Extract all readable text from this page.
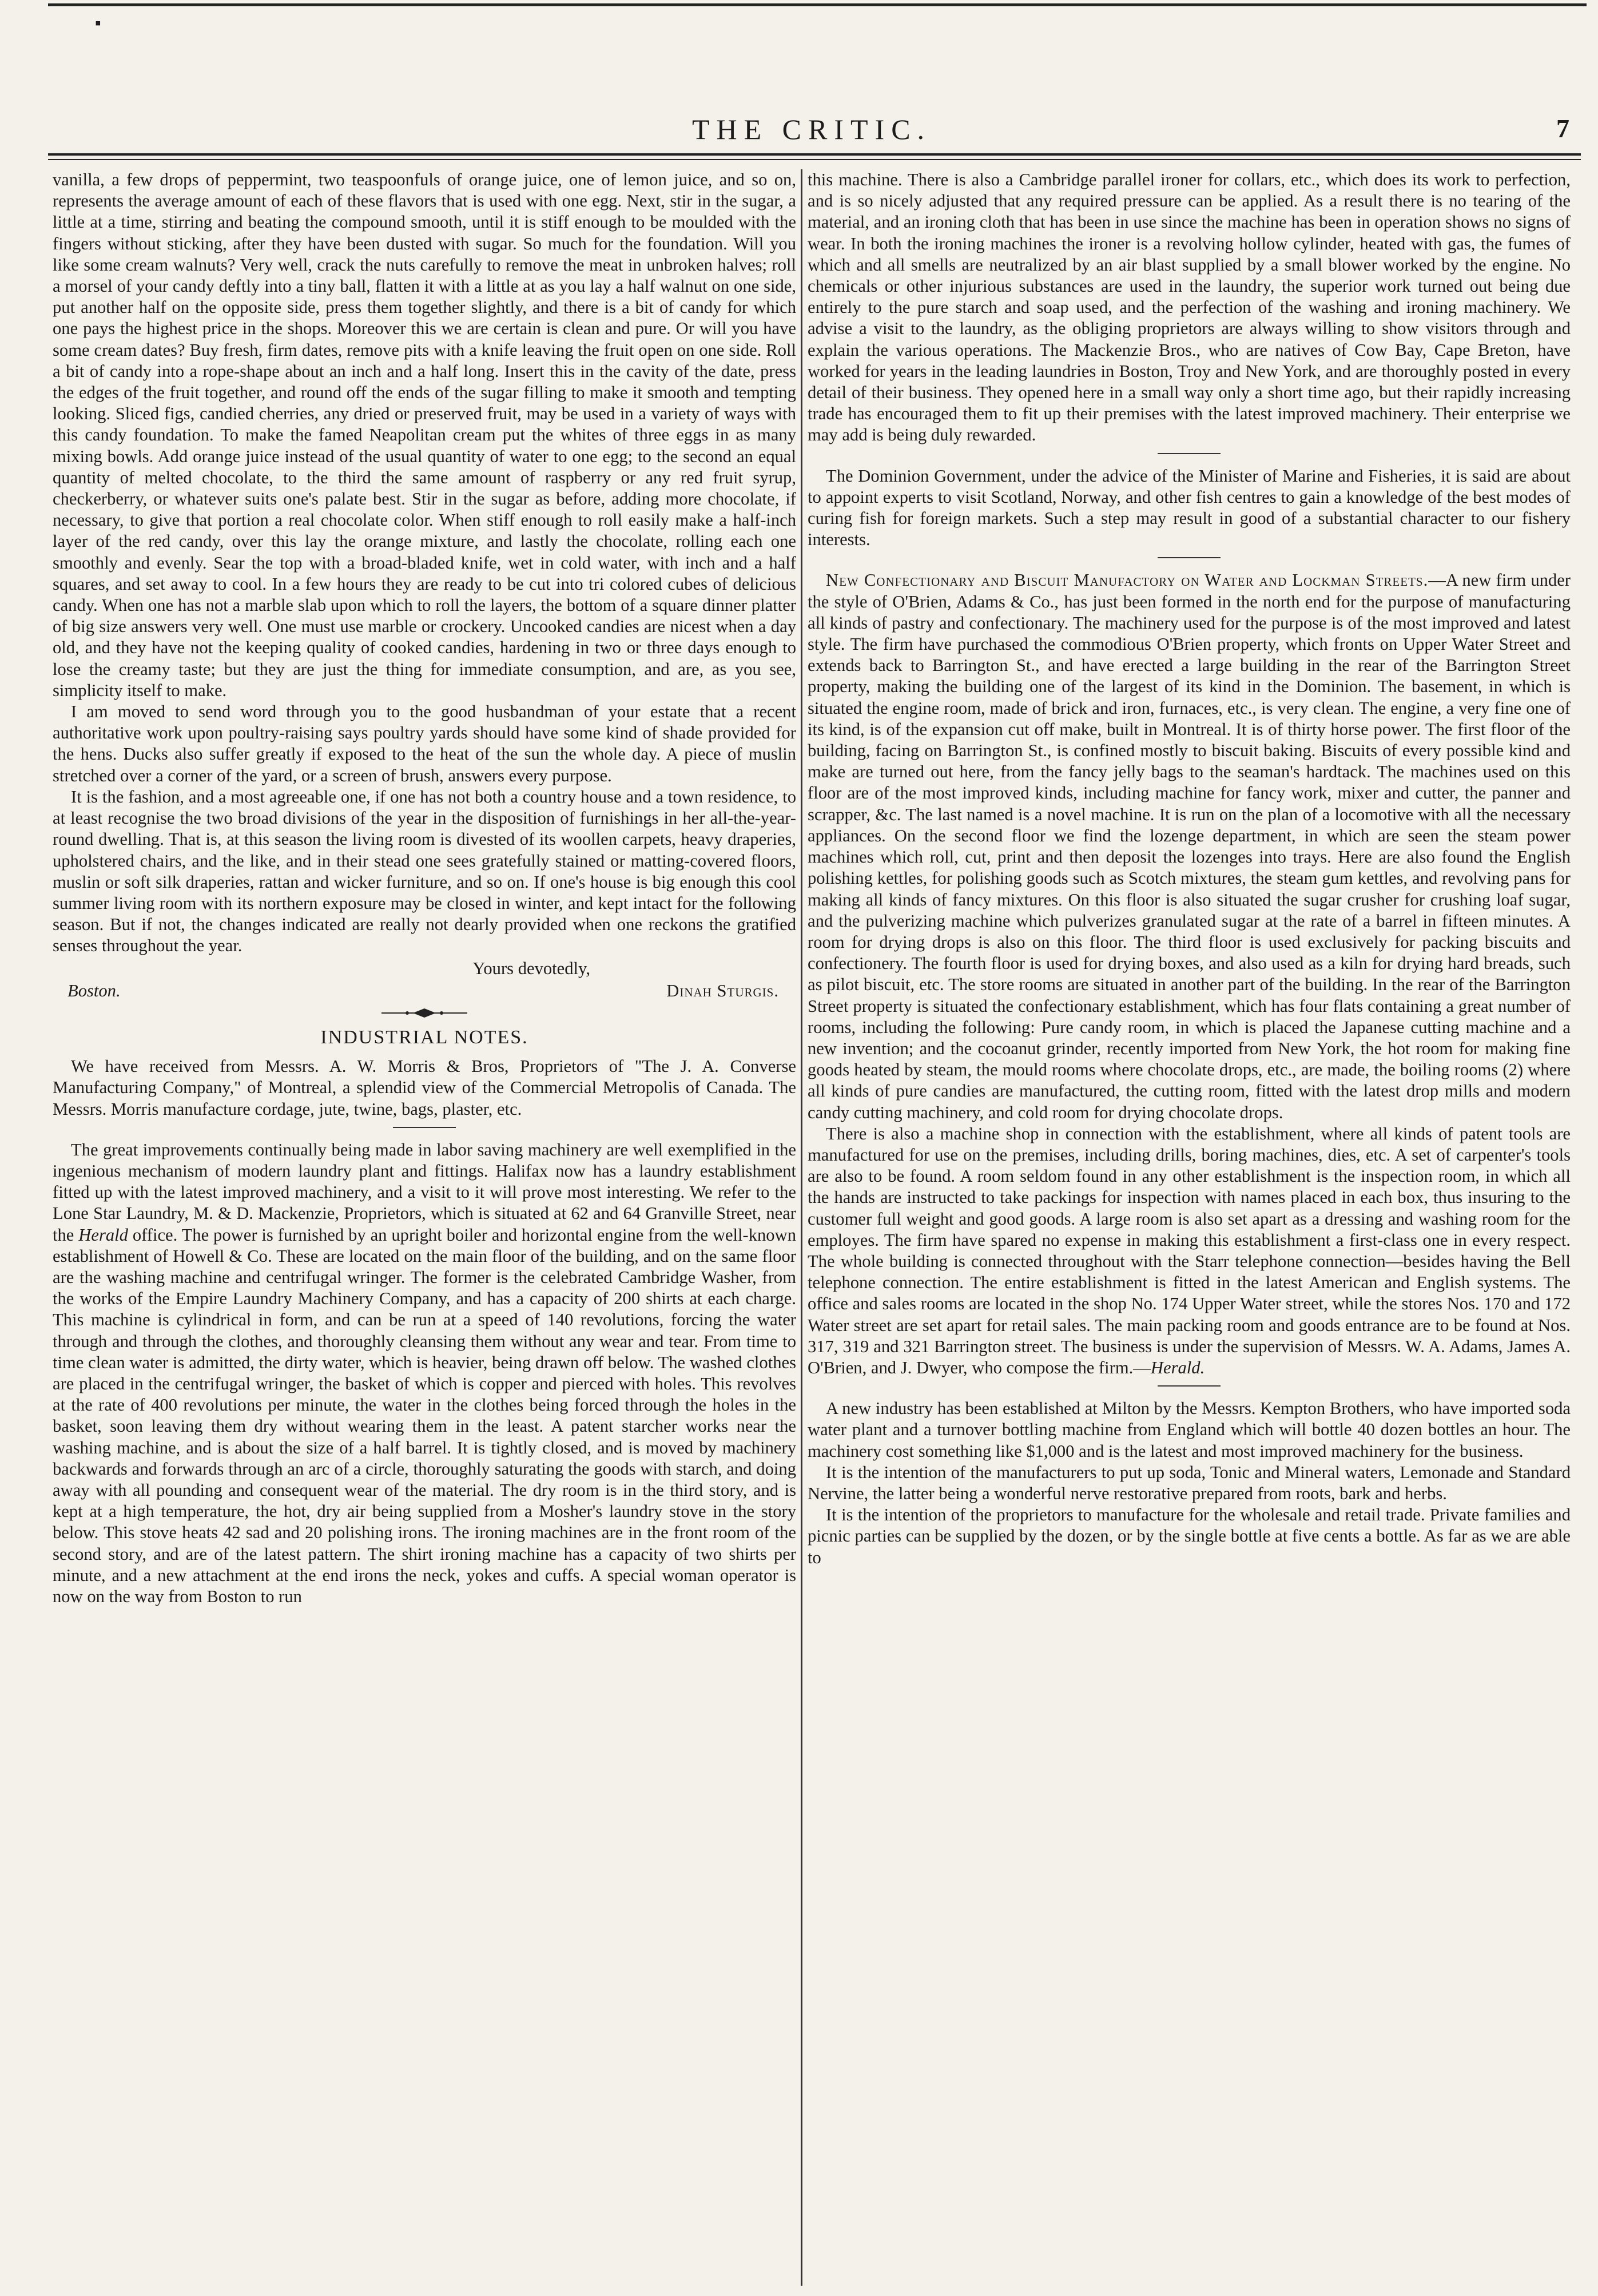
▪
THE CRITIC.	7

vanilla, a few drops of peppermint, two teaspoonfuls of orange juice, one of lemon juice, and so on, represents the average amount of each of these flavors that is used with one egg. Next, stir in the sugar, a little at a time, stirring and beating the compound smooth, until it is stiff enough to be moulded with the fingers without sticking, after they have been dusted with sugar. So much for the foundation. Will you like some cream walnuts? Very well, crack the nuts carefully to remove the meat in unbroken halves; roll a morsel of your candy deftly into a tiny ball, flatten it with a little at as you lay a half walnut on one side, put another half on the opposite side, press them together slightly, and there is a bit of candy for which one pays the highest price in the shops. Moreover this we are certain is clean and pure. Or will you have some cream dates? Buy fresh, firm dates, remove pits with a knife leaving the fruit open on one side. Roll a bit of candy into a rope-shape about an inch and a half long. Insert this in the cavity of the date, press the edges of the fruit together, and round off the ends of the sugar filling to make it smooth and tempting looking. Sliced figs, candied cherries, any dried or preserved fruit, may be used in a variety of ways with this candy foundation. To make the famed Neapolitan cream put the whites of three eggs in as many mixing bowls. Add orange juice instead of the usual quantity of water to one egg; to the second an equal quantity of melted chocolate, to the third the same amount of raspberry or any red fruit syrup, checkerberry, or whatever suits one's palate best. Stir in the sugar as before, adding more chocolate, if necessary, to give that portion a real chocolate color. When stiff enough to roll easily make a half-inch layer of the red candy, over this lay the orange mixture, and lastly the chocolate, rolling each one smoothly and evenly. Sear the top with a broad-bladed knife, wet in cold water, with inch and a half squares, and set away to cool. In a few hours they are ready to be cut into tri colored cubes of delicious candy. When one has not a marble slab upon which to roll the layers, the bottom of a square dinner platter of big size answers very well. One must use marble or crockery. Uncooked candies are nicest when a day old, and they have not the keeping quality of cooked candies, hardening in two or three days enough to lose the creamy taste; but they are just the thing for immediate consumption, and are, as you see, simplicity itself to make.

I am moved to send word through you to the good husbandman of your estate that a recent authoritative work upon poultry-raising says poultry yards should have some kind of shade provided for the hens. Ducks also suffer greatly if exposed to the heat of the sun the whole day. A piece of muslin stretched over a corner of the yard, or a screen of brush, answers every purpose.

It is the fashion, and a most agreeable one, if one has not both a country house and a town residence, to at least recognise the two broad divisions of the year in the disposition of furnishings in her all-the-year-round dwelling. That is, at this season the living room is divested of its woollen carpets, heavy draperies, upholstered chairs, and the like, and in their stead one sees gratefully stained or matting-covered floors, muslin or soft silk draperies, rattan and wicker furniture, and so on. If one's house is big enough this cool summer living room with its northern exposure may be closed in winter, and kept intact for the following season. But if not, the changes indicated are really not dearly provided when one reckons the gratified senses throughout the year.

Yours devotedly,
Boston.	Dinah Sturgis.
INDUSTRIAL NOTES.

We have received from Messrs. A. W. Morris & Bros, Proprietors of "The J. A. Converse Manufacturing Company," of Montreal, a splendid view of the Commercial Metropolis of Canada. The Messrs. Morris manufacture cordage, jute, twine, bags, plaster, etc.

The great improvements continually being made in labor saving machinery are well exemplified in the ingenious mechanism of modern laundry plant and fittings. Halifax now has a laundry establishment fitted up with the latest improved machinery, and a visit to it will prove most interesting. We refer to the Lone Star Laundry, M. & D. Mackenzie, Proprietors, which is situated at 62 and 64 Granville Street, near the Herald office. The power is furnished by an upright boiler and horizontal engine from the well-known establishment of Howell & Co. These are located on the main floor of the building, and on the same floor are the washing machine and centrifugal wringer. The former is the celebrated Cambridge Washer, from the works of the Empire Laundry Machinery Company, and has a capacity of 200 shirts at each charge. This machine is cylindrical in form, and can be run at a speed of 140 revolutions, forcing the water through and through the clothes, and thoroughly cleansing them without any wear and tear. From time to time clean water is admitted, the dirty water, which is heavier, being drawn off below. The washed clothes are placed in the centrifugal wringer, the basket of which is copper and pierced with holes. This revolves at the rate of 400 revolutions per minute, the water in the clothes being forced through the holes in the basket, soon leaving them dry without wearing them in the least. A patent starcher works near the washing machine, and is about the size of a half barrel. It is tightly closed, and is moved by machinery backwards and forwards through an arc of a circle, thoroughly saturating the goods with starch, and doing away with all pounding and consequent wear of the material. The dry room is in the third story, and is kept at a high temperature, the hot, dry air being supplied from a Mosher's laundry stove in the story below. This stove heats 42 sad and 20 polishing irons. The ironing machines are in the front room of the second story, and are of the latest pattern. The shirt ironing machine has a capacity of two shirts per minute, and a new attachment at the end irons the neck, yokes and cuffs. A special woman operator is now on the way from Boston to run

this machine. There is also a Cambridge parallel ironer for collars, etc., which does its work to perfection, and is so nicely adjusted that any required pressure can be applied. As a result there is no tearing of the material, and an ironing cloth that has been in use since the machine has been in operation shows no signs of wear. In both the ironing machines the ironer is a revolving hollow cylinder, heated with gas, the fumes of which and all smells are neutralized by an air blast supplied by a small blower worked by the engine. No chemicals or other injurious substances are used in the laundry, the superior work turned out being due entirely to the pure starch and soap used, and the perfection of the washing and ironing machinery. We advise a visit to the laundry, as the obliging proprietors are always willing to show visitors through and explain the various operations. The Mackenzie Bros., who are natives of Cow Bay, Cape Breton, have worked for years in the leading laundries in Boston, Troy and New York, and are thoroughly posted in every detail of their business. They opened here in a small way only a short time ago, but their rapidly increasing trade has encouraged them to fit up their premises with the latest improved machinery. Their enterprise we may add is being duly rewarded.

The Dominion Government, under the advice of the Minister of Marine and Fisheries, it is said are about to appoint experts to visit Scotland, Norway, and other fish centres to gain a knowledge of the best modes of curing fish for foreign markets. Such a step may result in good of a substantial character to our fishery interests.

New Confectionary and Biscuit Manufactory on Water and Lockman Streets.—A new firm under the style of O'Brien, Adams & Co., has just been formed in the north end for the purpose of manufacturing all kinds of pastry and confectionary. The machinery used for the purpose is of the most improved and latest style. The firm have purchased the commodious O'Brien property, which fronts on Upper Water Street and extends back to Barrington St., and have erected a large building in the rear of the Barrington Street property, making the building one of the largest of its kind in the Dominion. The basement, in which is situated the engine room, made of brick and iron, furnaces, etc., is very clean. The engine, a very fine one of its kind, is of the expansion cut off make, built in Montreal. It is of thirty horse power. The first floor of the building, facing on Barrington St., is confined mostly to biscuit baking. Biscuits of every possible kind and make are turned out here, from the fancy jelly bags to the seaman's hardtack. The machines used on this floor are of the most improved kinds, including machine for fancy work, mixer and cutter, the panner and scrapper, &c. The last named is a novel machine. It is run on the plan of a locomotive with all the necessary appliances. On the second floor we find the lozenge department, in which are seen the steam power machines which roll, cut, print and then deposit the lozenges into trays. Here are also found the English polishing kettles, for polishing goods such as Scotch mixtures, the steam gum kettles, and revolving pans for making all kinds of fancy mixtures. On this floor is also situated the sugar crusher for crushing loaf sugar, and the pulverizing machine which pulverizes granulated sugar at the rate of a barrel in fifteen minutes. A room for drying drops is also on this floor. The third floor is used exclusively for packing biscuits and confectionery. The fourth floor is used for drying boxes, and also used as a kiln for drying hard breads, such as pilot biscuit, etc. The store rooms are situated in another part of the building. In the rear of the Barrington Street property is situated the confectionary establishment, which has four flats containing a great number of rooms, including the following: Pure candy room, in which is placed the Japanese cutting machine and a new invention; and the cocoanut grinder, recently imported from New York, the hot room for making fine goods heated by steam, the mould rooms where chocolate drops, etc., are made, the boiling rooms (2) where all kinds of pure candies are manufactured, the cutting room, fitted with the latest drop mills and modern candy cutting machinery, and cold room for drying chocolate drops.

There is also a machine shop in connection with the establishment, where all kinds of patent tools are manufactured for use on the premises, including drills, boring machines, dies, etc. A set of carpenter's tools are also to be found. A room seldom found in any other establishment is the inspection room, in which all the hands are instructed to take packings for inspection with names placed in each box, thus insuring to the customer full weight and good goods. A large room is also set apart as a dressing and washing room for the employes. The firm have spared no expense in making this establishment a first-class one in every respect. The whole building is connected throughout with the Starr telephone connection—besides having the Bell telephone connection. The entire establishment is fitted in the latest American and English systems. The office and sales rooms are located in the shop No. 174 Upper Water street, while the stores Nos. 170 and 172 Water street are set apart for retail sales. The main packing room and goods entrance are to be found at Nos. 317, 319 and 321 Barrington street. The business is under the supervision of Messrs. W. A. Adams, James A. O'Brien, and J. Dwyer, who compose the firm.—Herald.

A new industry has been established at Milton by the Messrs. Kempton Brothers, who have imported soda water plant and a turnover bottling machine from England which will bottle 40 dozen bottles an hour. The machinery cost something like $1,000 and is the latest and most improved machinery for the business.

It is the intention of the manufacturers to put up soda, Tonic and Mineral waters, Lemonade and Standard Nervine, the latter being a wonderful nerve restorative prepared from roots, bark and herbs.

It is the intention of the proprietors to manufacture for the wholesale and retail trade. Private families and picnic parties can be supplied by the dozen, or by the single bottle at five cents a bottle. As far as we are able to
